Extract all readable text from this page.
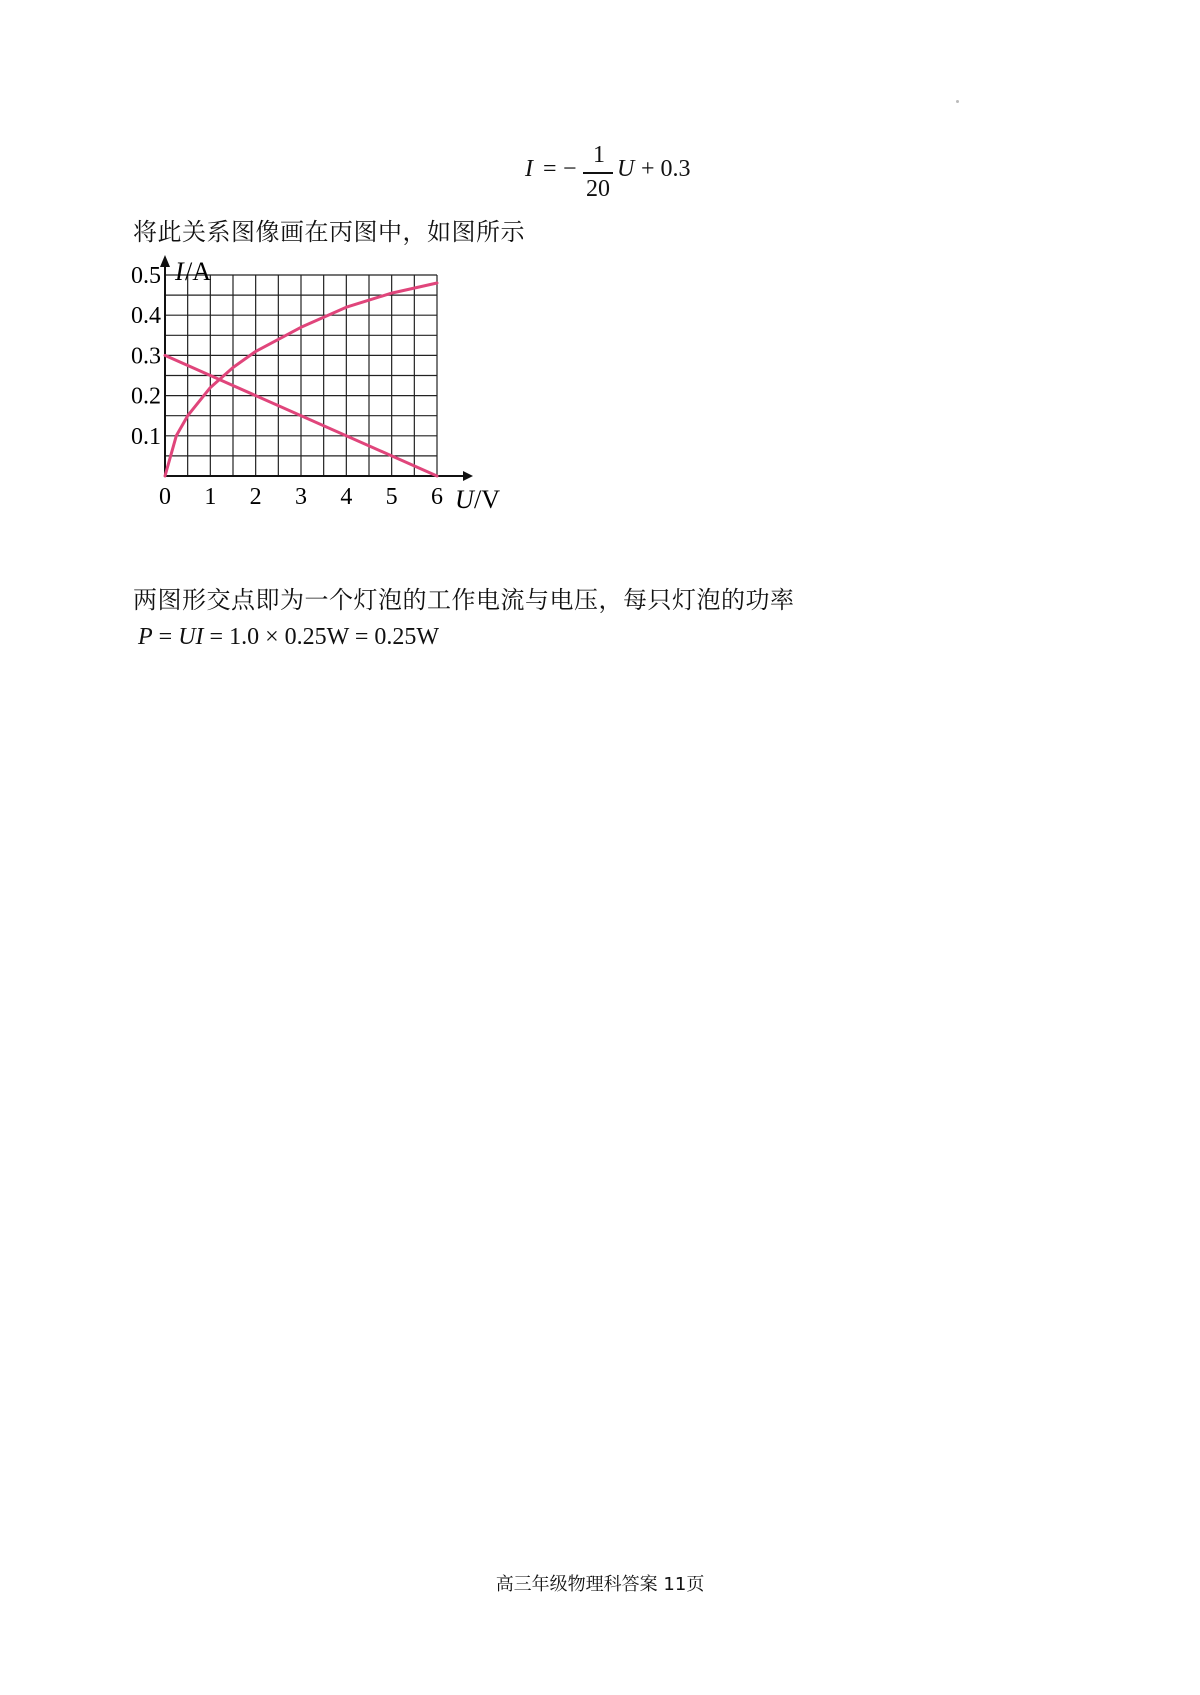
I = −
1
20
U + 0.3
将此关系图像画在丙图中，如图所示
0 1 2 3 4 5 6
0.1
0.2
0.3
0.4
0.5 I /A
U /V
两图形交点即为一个灯泡的工作电流与电压，每只灯泡的功率
P = UI = 1.0 × 0.25W = 0.25W
高三年级物理科答案 11页
